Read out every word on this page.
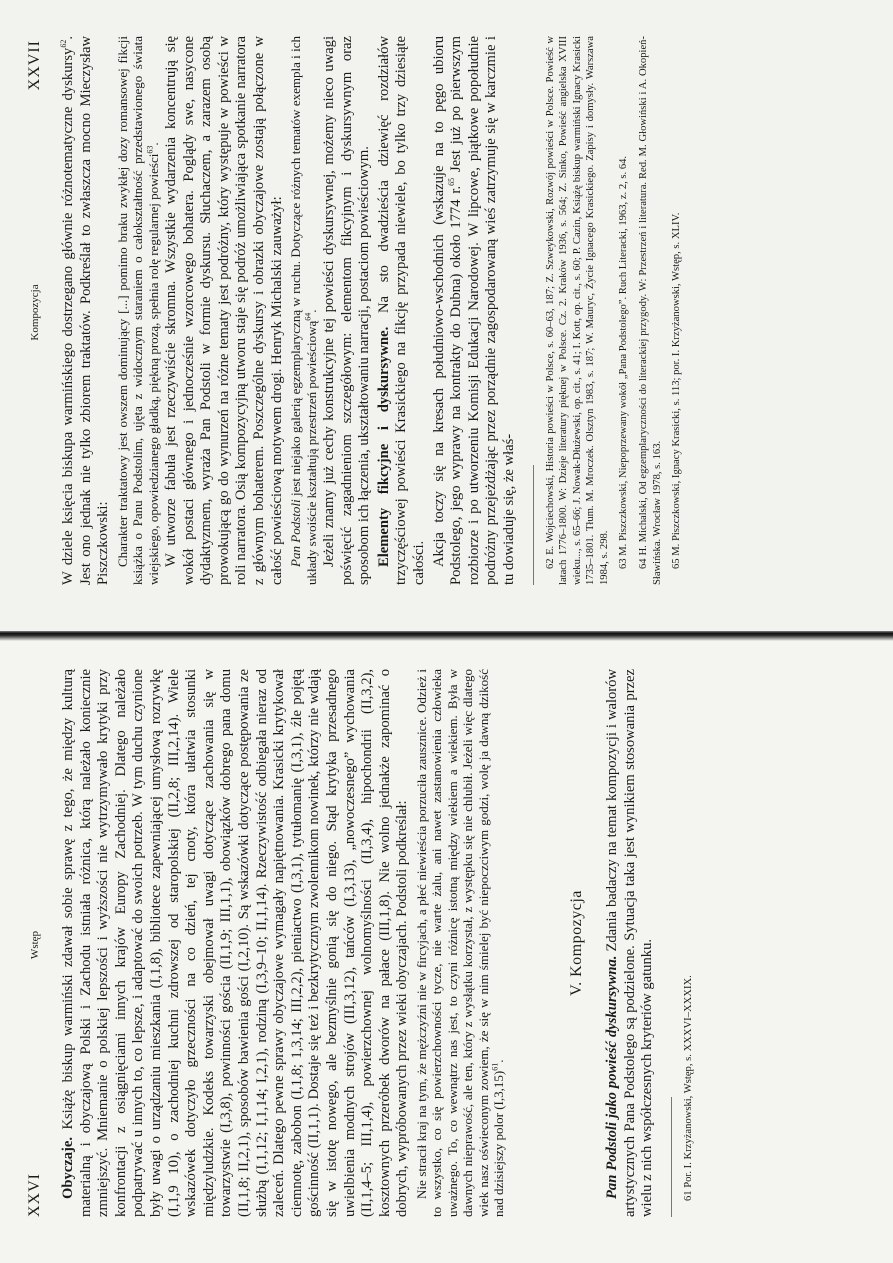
XXVI
Wstęp

Obyczaje. Książę biskup warmiński zdawał sobie sprawę z tego, że między kulturą materialną i obyczajową Polski i Zachodu istniała różnica, którą należało koniecznie zmniejszyć. Mniemanie o polskiej lepszości i wyższości nie wytrzymywało krytyki przy konfrontacji z osiągnięciami innych krajów Europy Zachodniej. Dlatego należało podpatrywać u innych to, co lepsze, i adaptować do swoich potrzeb. W tym duchu czynione były uwagi o urządzaniu mieszkania (I,1,8), bibliotece zapewniającej umysłową rozrywkę (I,1,9 10), o zachodniej kuchni zdrowszej od staropolskiej (II,2,8; III,2,14). Wiele wskazówek dotyczyło grzeczności na co dzień, tej cnoty, która ułatwia stosunki międzyludzkie. Kodeks towarzyski obejmował uwagi dotyczące zachowania się w towarzystwie (I,3,8), powinności gościa (II,1,9; III,1,1), obowiązków dobrego pana domu (II,1,8; II,2,1), sposobów bawienia gości (I,2,10). Są wskazówki dotyczące postępowania ze służbą (I,1,12; I,1,14; I,2,1), rodziną (I,3,9–10; II,1,14). Rzeczywistość odbiegała nieraz od zaleceń. Dlatego pewne sprawy obyczajowe wymagały napiętnowania. Krasicki krytykował ciemnotę, zabobon (I,1,8; 1,3,14; III,2,2), pieniactwo (I,3,1), tytułomanię (I,3,1), źle pojętą gościnność (II,1,1). Dostaje się też i bezkrytycznym zwolennikom nowinek, którzy nie wdają się w istotę nowego, ale bezmyślnie gonią się do niego. Stąd krytyka przesadnego uwielbienia modnych strojów (III,3,12), tańców (I,3,13), „nowoczesnego” wychowania (II,1,4–5; III,1,4), powierzchownej wolnomyślności (II,3,4), hipochondrii (II,3,2), kosztownych przeróbek dworów na pałace (III,1,8). Nie wolno jednakże zapominać o dobrych, wypróbowanych przez wieki obyczajach. Podstoli podkreślał: Nie stracił kraj na tym, że mężczyźni nie w fircyjach, a płeć niewieścia porzuciła zausznice. Odzież i to wszystko, co się powierzchowności tycze, nie warte żalu, ani nawet zastanowienia człowieka uważnego. To, co wewnątrz nas jest, to czyni różnicę istotną między wiekiem a wiekiem. Była w dawnych nieprawość, ale ten, który z wysłątku korzystał, z występku się nie chlubił. Jeżeli więc dlatego wiek nasz oświeconym zowiem, że się w nim śmielej być niepoczciwym godzi, wolę ja dawną dzikość nad dzisiejszy polor $(I,3,15)^{61}$.

V. Kompozycja

Pan Podstoli jako powieść dyskursywna. Zdania badaczy na temat kompozycji i walorów artystycznych Pana Podstolego są podzielone. Sytuacja taka jest wynikiem stosowania przez wielu z nich współczesnych kryteriów gatunku.	61 Por. I. Krzyżanowski, Wstęp, s. XXXVI–XXXIX.
Kompozycja
XXVII W dziele księcia biskupa warmińskiego dostrzegano głównie różnotematyczne dyskursy$^{62}$. Jest ono jednak nie tylko zbiorem traktatów. Podkreślał to zwłaszcza mocno Mieczysław Piszczkowski: Charakter traktatowy jest owszem dominujący [...] pomimo braku zwykłej dozy romansowej fikcji książka o Panu Podstolim, ujęta z widocznym staraniem o całokształtność przedstawionego świata wiejskiego, opowiedzianego gładką, piękną prozą, spełnia rolę regularnej powieści$^{63}$. W utworze fabuła jest rzeczywiście skromna. Wszystkie wydarzenia koncentrują się wokół postaci głównego i jednocześnie wzorcowego bohatera. Poglądy swe, nasycone dydaktyzmem, wyraża Pan Podstoli w formie dyskursu. Słuchaczem, a zarazem osobą prowokującą go do wynurzeń na różne tematy jest podróżny, który występuje w powieści w roli narratora. Osią kompozycyjną utworu staje się podróż umożliwiająca spotkanie narratora z głównym bohaterem. Poszczególne dyskursy i obrazki obyczajowe zostają połączone w całość powieściową motywem drogi. Henryk Michalski zauważył: Pan Podstoli jest niejako galerią egzemplaryczną w ruchu. Dotyczące różnych tematów exempla i ich układy swoiście kształtują przestrzeń powieściową$^{64}$. Jeżeli znamy już cechy konstrukcyjne tej powieści dyskursywnej, możemy nieco uwagi poświęcić zagadnieniom szczegółowym: elementom fikcyjnym i dyskursywnym oraz sposobom ich łączenia, ukształtowaniu narracji, postaciom powieściowym. Elementy fikcyjne i dyskursywne. Na sto dwadzieścia dziewięć rozdziałów trzyczęściowej powieści Krasickiego na fikcję przypada niewiele, bo tylko trzy dziesiąte całości. Akcja toczy się na kresach południowo-wschodnich (wskazuje na to pęgo ubioru Podstolego, jego wyprawy na kontrakty do Dubna) około 1774 r.$^{65}$ Jest już po pierwszym rozbiorze i po utworzeniu Komisji Edukacji Narodowej. W lipcowe, piątkowe popołudnie podróżny przejeżdżając przez porządnie zagospodarowaną wieś zatrzymuje się w karczmie i tu dowiaduje się, że właś-	62 E. Wojciechowski, Historia powieści w Polsce, s. 60–63, 187; Z. Szweykowski, Rozwój powieści w Polsce. Powieść w latach 1776–1800. W: Dzieje literatury pięknej w Polsce. Cz. 2. Kraków 1936, s. 564; Z. Sinko, Powieść angielska XVIII wieku..., s. 65–66; J. Nowak-Dłużewski, op. cit., s. 41; I. Kott, op. cit., s. 60; P. Cazin, Książę biskup warmiński Ignacy Krasicki 1735–1801. Tłum. M. Mroczek. Olsztyn 1983, s. 187; W. Mauryc, Życie Ignacego Krasickiego. Zapisy i domysły. Warszawa 1984, s. 298. 63 M. Piszczkowski, Niepoprzewany wokół „Pana Podstolego”. Ruch Literacki, 1963, z. 2, s. 64. 64 H. Michalski, Od egzemplaryczności do literackiej przygody. W: Przestrzeń i literatura. Red. M. Głowiński i A. Okopień-Sławińska. Wrocław 1978, s. 163. 65 M. Piszczkowski, Ignacy Krasicki, s. 113; por. I. Krzyżanowski, Wstęp, s. XLIV.
